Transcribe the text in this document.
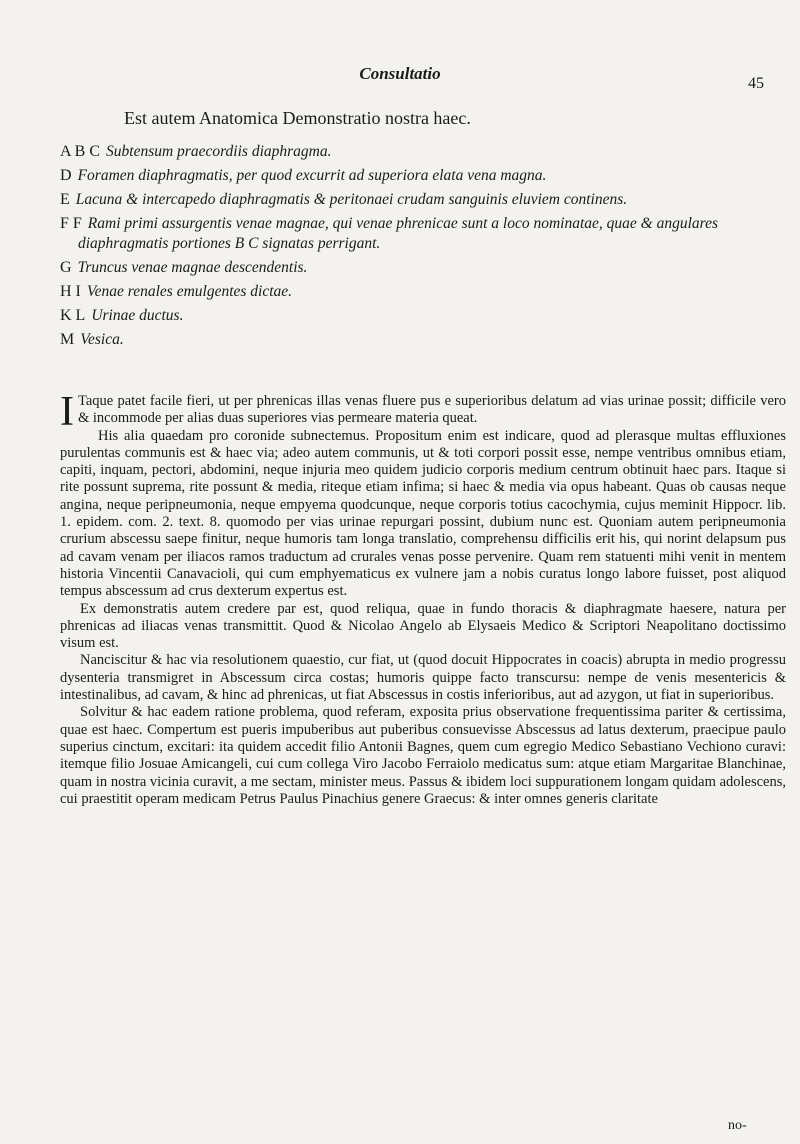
Consultatio
45
Est autem Anatomica Demonstratio nostra haec.
A B C Subtensum praecordiis diaphragma.
D Foramen diaphragmatis, per quod excurrit ad superiora elata vena magna.
E Lacuna & intercapedo diaphragmatis & peritonaei crudam sanguinis eluviem continens.
F F Rami primi assurgentis venae magnae, qui venae phrenicae sunt a loco nominatae, quae & angulares diaphragmatis portiones B C signatas perrigant.
G Truncus venae magnae descendentis.
H I Venae renales emulgentes dictae.
K L Urinae ductus.
M Vesica.

I Taque patet facile fieri, ut per phrenicas illas venas fluere pus e superioribus delatum ad vias urinae possit; difficile vero & incommode per alias duas superiores vias permeare materia queat.

His alia quaedam pro coronide subnectemus. Propositum enim est indicare, quod ad plerasque multas effluxiones purulentas communis est & haec via; adeo autem communis, ut & toti corpori possit esse, nempe ventribus omnibus etiam, capiti, inquam, pectori, abdomini, neque injuria meo quidem judicio corporis medium centrum obtinuit haec pars. Itaque si rite possunt suprema, rite possunt & media, riteque etiam infima; si haec & media via opus habeant. Quas ob causas neque angina, neque peripneumonia, neque empyema quodcunque, neque corporis totius cacochymia, cujus meminit Hippocr. lib. 1. epidem. com. 2. text. 8. quomodo per vias urinae repurgari possint, dubium nunc est. Quoniam autem peripneumonia crurium abscessu saepe finitur, neque humoris tam longa translatio, comprehensu difficilis erit his, qui norint delapsum pus ad cavam venam per iliacos ramos traductum ad crurales venas posse pervenire. Quam rem statuenti mihi venit in mentem historia Vincentii Canavacioli, qui cum emphyematicus ex vulnere jam a nobis curatus longo labore fuisset, post aliquod tempus abscessum ad crus dexterum expertus est.

Ex demonstratis autem credere par est, quod reliqua, quae in fundo thoracis & diaphragmate haesere, natura per phrenicas ad iliacas venas transmittit. Quod & Nicolao Angelo ab Elysaeis Medico & Scriptori Neapolitano doctissimo visum est.

Nanciscitur & hac via resolutionem quaestio, cur fiat, ut (quod docuit Hippocrates in coacis) abrupta in medio progressu dysenteria transmigret in Abscessum circa costas; humoris quippe facto transcursu: nempe de venis mesentericis & intestinalibus, ad cavam, & hinc ad phrenicas, ut fiat Abscessus in costis inferioribus, aut ad azygon, ut fiat in superioribus.

Solvitur & hac eadem ratione problema, quod referam, exposita prius observatione frequentissima pariter & certissima, quae est haec. Compertum est pueris impuberibus aut puberibus consuevisse Abscessus ad latus dexterum, praecipue paulo superius cinctum, excitari: ita quidem accedit filio Antonii Bagnes, quem cum egregio Medico Sebastiano Vechiono curavi: itemque filio Josuae Amicangeli, cui cum collega Viro Jacobo Ferraiolo medicatus sum: atque etiam Margaritae Blanchinae, quam in nostra vicinia curavit, a me sectam, minister meus. Passus & ibidem loci suppurationem longam quidam adolescens, cui praestitit operam medicam Petrus Paulus Pinachius genere Graecus: & inter omnes generis claritate

no-
